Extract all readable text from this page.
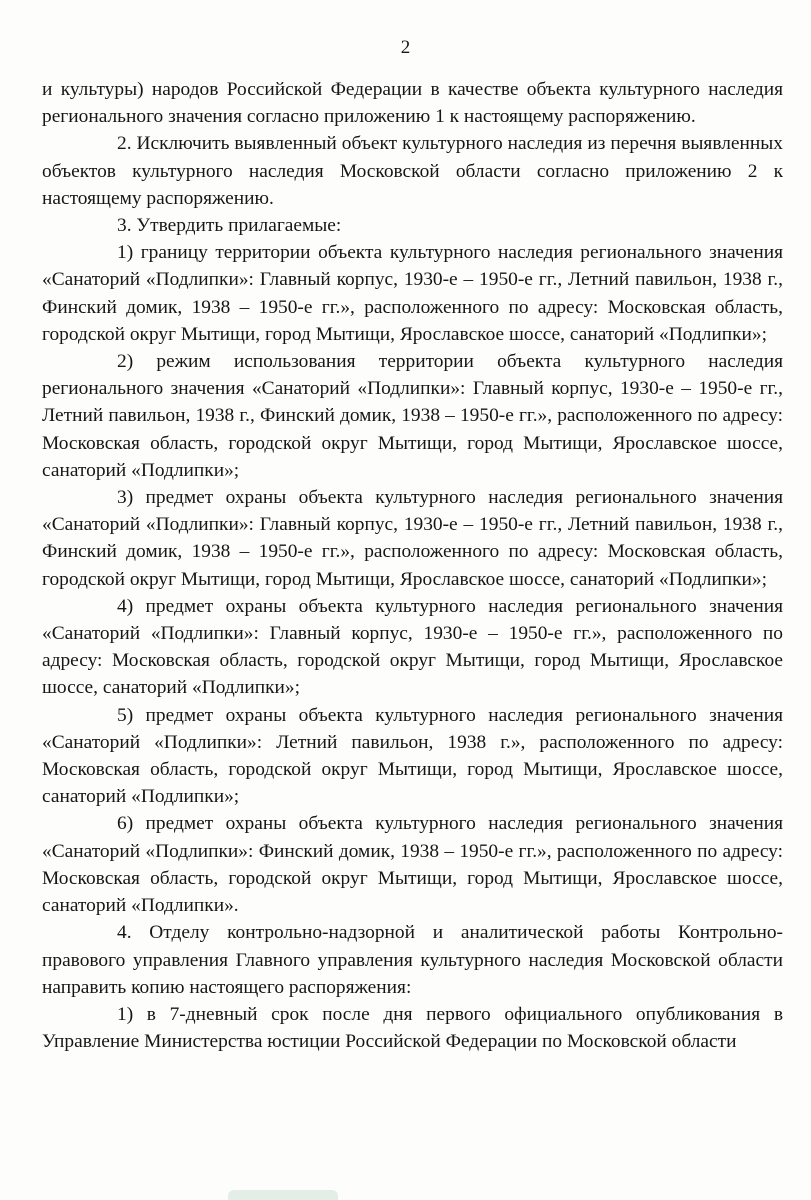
2

и культуры) народов Российской Федерации в качестве объекта культурного наследия регионального значения согласно приложению 1 к настоящему распоряжению.

2. Исключить выявленный объект культурного наследия из перечня выявленных объектов культурного наследия Московской области согласно приложению 2 к настоящему распоряжению.

3. Утвердить прилагаемые:

1) границу территории объекта культурного наследия регионального значения «Санаторий «Подлипки»: Главный корпус, 1930-е – 1950-е гг., Летний павильон, 1938 г., Финский домик, 1938 – 1950-е гг.», расположенного по адресу: Московская область, городской округ Мытищи, город Мытищи, Ярославское шоссе, санаторий «Подлипки»;

2) режим использования территории объекта культурного наследия регионального значения «Санаторий «Подлипки»: Главный корпус, 1930-е – 1950-е гг., Летний павильон, 1938 г., Финский домик, 1938 – 1950-е гг.», расположенного по адресу: Московская область, городской округ Мытищи, город Мытищи, Ярославское шоссе, санаторий «Подлипки»;

3) предмет охраны объекта культурного наследия регионального значения «Санаторий «Подлипки»: Главный корпус, 1930-е – 1950-е гг., Летний павильон, 1938 г., Финский домик, 1938 – 1950-е гг.», расположенного по адресу: Московская область, городской округ Мытищи, город Мытищи, Ярославское шоссе, санаторий «Подлипки»;

4) предмет охраны объекта культурного наследия регионального значения «Санаторий «Подлипки»: Главный корпус, 1930-е – 1950-е гг.», расположенного по адресу: Московская область, городской округ Мытищи, город Мытищи, Ярославское шоссе, санаторий «Подлипки»;

5) предмет охраны объекта культурного наследия регионального значения «Санаторий «Подлипки»: Летний павильон, 1938 г.», расположенного по адресу: Московская область, городской округ Мытищи, город Мытищи, Ярославское шоссе, санаторий «Подлипки»;

6) предмет охраны объекта культурного наследия регионального значения «Санаторий «Подлипки»: Финский домик, 1938 – 1950-е гг.», расположенного по адресу: Московская область, городской округ Мытищи, город Мытищи, Ярославское шоссе, санаторий «Подлипки».

4. Отделу контрольно-надзорной и аналитической работы Контрольно-правового управления Главного управления культурного наследия Московской области направить копию настоящего распоряжения:

1) в 7-дневный срок после дня первого официального опубликования в Управление Министерства юстиции Российской Федерации по Московской области
